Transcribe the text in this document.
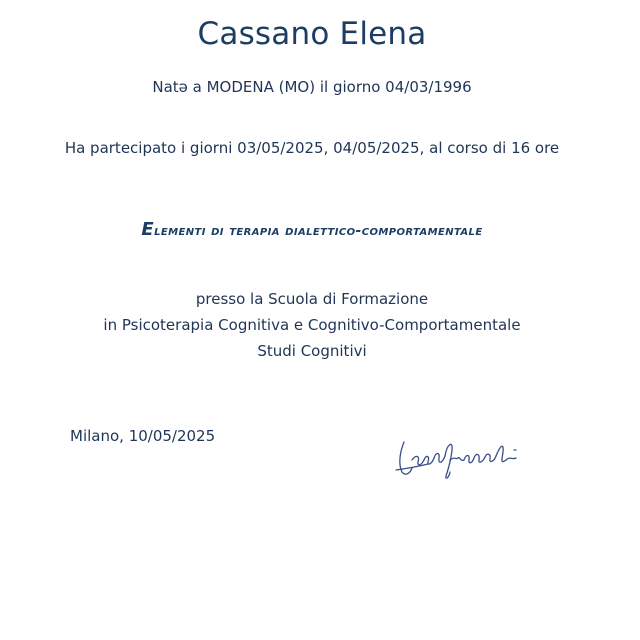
Cassano Elena
Natə a MODENA (MO) il giorno 04/03/1996
Ha partecipato i giorni 03/05/2025, 04/05/2025, al corso di 16 ore
Elementi di terapia dialettico-comportamentale
presso la Scuola di Formazione
in Psicoterapia Cognitiva e Cognitivo-Comportamentale
Studi Cognitivi
Milano, 10/05/2025
